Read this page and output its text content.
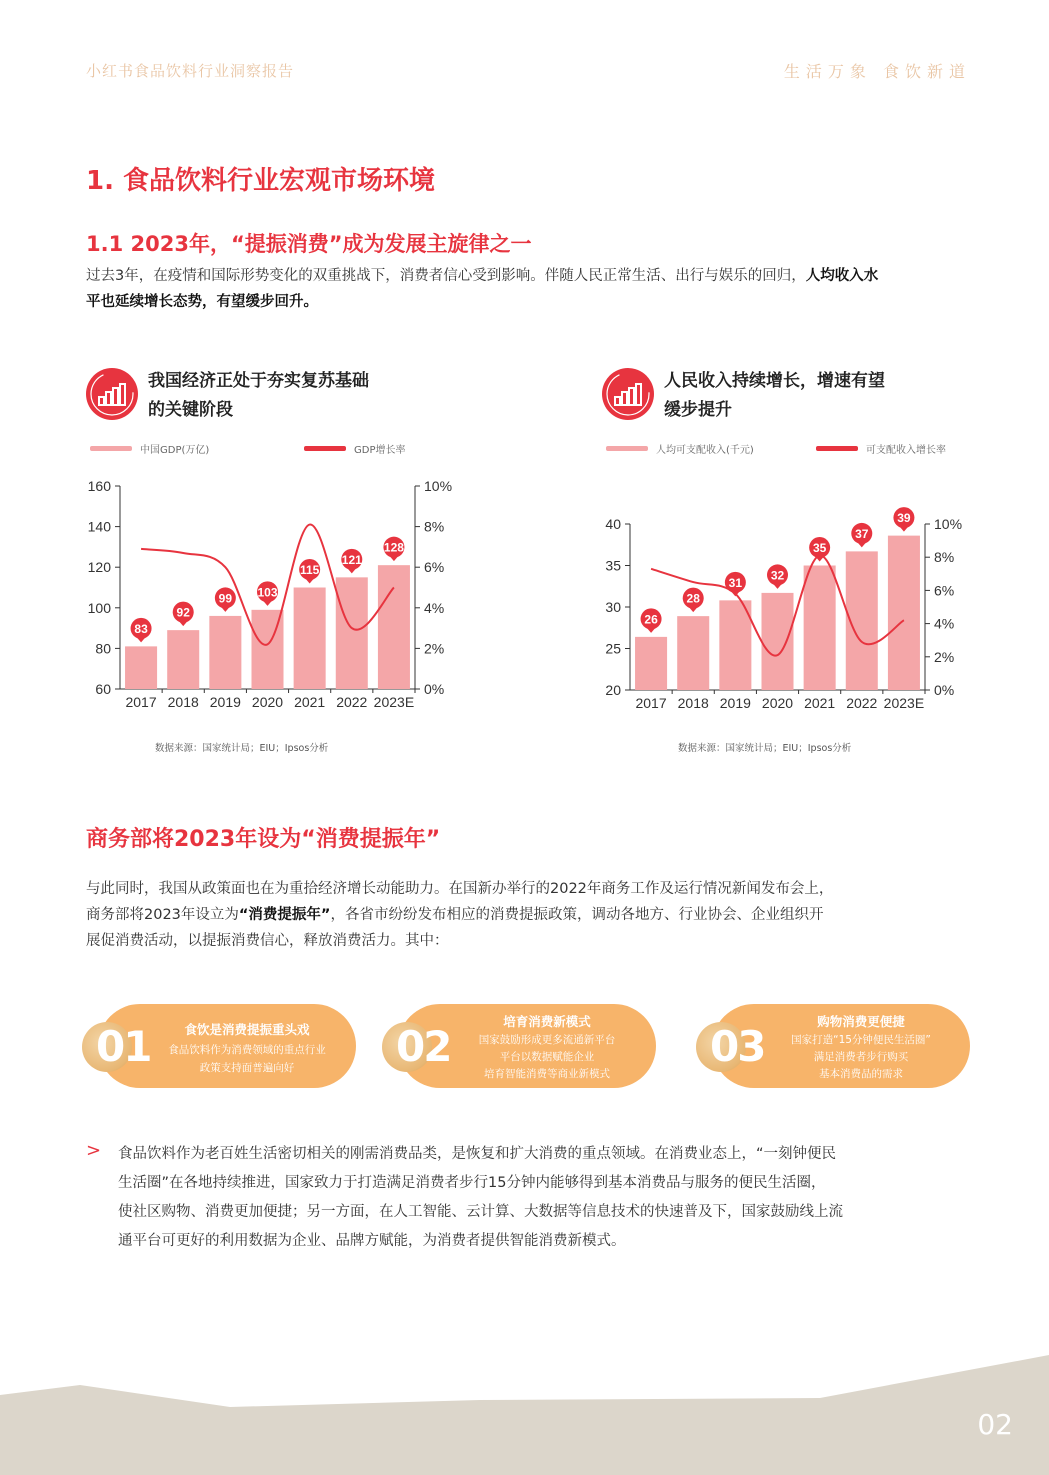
小红书食品饮料行业洞察报告	生活万象 食饮新道
1. 食品饮料行业宏观市场环境
1.1 2023年，“提振消费”成为发展主旋律之一
过去3年，在疫情和国际形势变化的双重挑战下，消费者信心受到影响。伴随人民正常生活、出行与娱乐的回归，人均收入水
平也延续增长态势，有望缓步回升。
我国经济正处于夯实复苏基础
的关键阶段
中国GDP(万亿)	GDP增长率
160
140
120
100
80
60
10%
8%
6%
4%
2%
0%
2017
83
2018
92
2019
99
2020
103
2021
115
2022
121
2023E
128
数据来源：国家统计局；EIU；Ipsos分析
人民收入持续增长，增速有望
缓步提升
人均可支配收入(千元)	可支配收入增长率
40
35
30
25
20
10%
8%
6%
4%
2%
0%
2017
26
2018
28
2019
31
2020
32
2021
35
2022
37
2023E
39
数据来源：国家统计局；EIU；Ipsos分析
商务部将2023年设为“消费提振年”
与此同时，我国从政策面也在为重拾经济增长动能助力。在国新办举行的2022年商务工作及运行情况新闻发布会上，
商务部将2023年设立为“消费提振年”，各省市纷纷发布相应的消费提振政策，调动各地方、行业协会、企业组织开
展促消费活动，以提振消费信心，释放消费活力。其中：
01	食饮是消费提振重头戏
食品饮料作为消费领域的重点行业
政策支持面普遍向好	02
培育消费新模式
国家鼓励形成更多流通新平台
平台以数据赋能企业
培育智能消费等商业新模式
03
购物消费更便捷
国家打造“15分钟便民生活圈”
满足消费者步行购买
基本消费品的需求
> 食品饮料作为老百姓生活密切相关的刚需消费品类，是恢复和扩大消费的重点领域。在消费业态上，“一刻钟便民
生活圈”在各地持续推进，国家致力于打造满足消费者步行15分钟内能够得到基本消费品与服务的便民生活圈，
使社区购物、消费更加便捷；另一方面，在人工智能、云计算、大数据等信息技术的快速普及下，国家鼓励线上流
通平台可更好的利用数据为企业、品牌方赋能，为消费者提供智能消费新模式。
02
